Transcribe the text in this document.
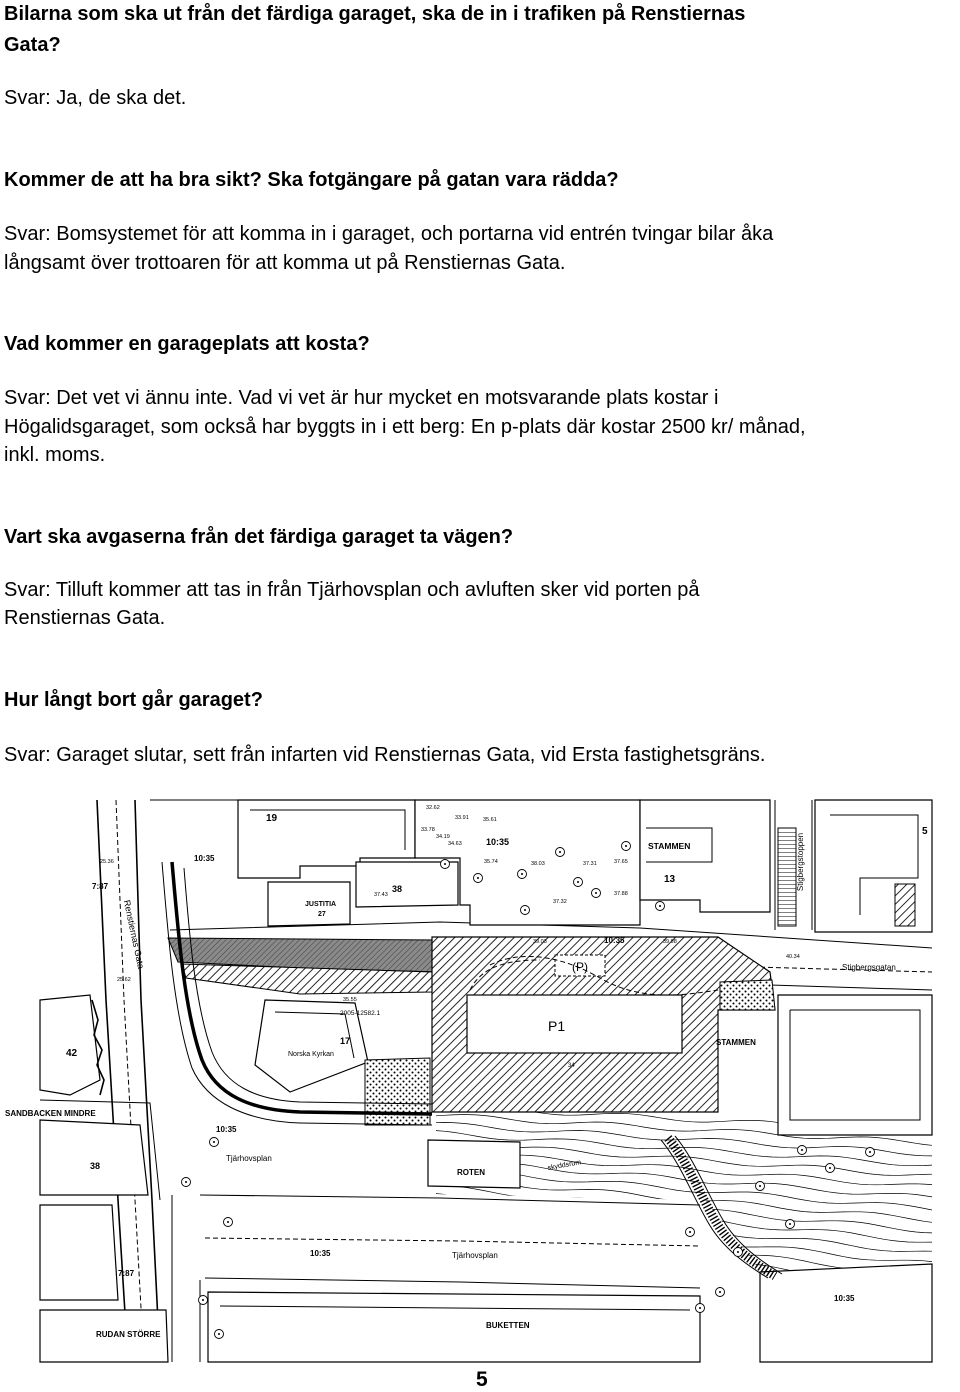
Bilarna som ska ut från det färdiga garaget, ska de in i trafiken på Renstiernas
Gata?
Svar: Ja, de ska det.
Kommer de att ha bra sikt? Ska fotgängare på gatan vara rädda?
Svar: Bomsystemet för att komma in i garaget, och portarna vid entrén tvingar bilar åka
långsamt över trottoaren för att komma ut på Renstiernas Gata.
Vad kommer en garageplats att kosta?
Svar: Det vet vi ännu inte. Vad vi vet är hur mycket en motsvarande plats kostar i
Högalidsgaraget, som också har byggts in i ett berg: En p-plats där kostar 2500 kr/ månad,
inkl. moms.
Vart ska avgaserna från det färdiga garaget ta vägen?
Svar: Tilluft kommer att tas in från Tjärhovsplan och avluften sker vid porten på
Renstiernas Gata.
Hur långt bort går garaget?
Svar: Garaget slutar, sett från infarten vid Renstiernas Gata, vid Ersta fastighetsgräns.
19
5
10:35	STAMMEN
13	Stigbergstoppen
38
JUSTITIA
27
7:87
10:35
Renstiernas Gata	(P)
10:35
Stigbergsgatan
STAMMEN
2005-12582.1
17
Norska Kyrkan
P1
34
42
SANDBACKEN MINDRE
10:35
Tjärhovsplan
38
ROTEN
skyddsrum
10:35	Tjärhovsplan
7:87
RUDAN STÖRRE
BUKETTEN
10:35
32.62
33.91	35.61
33.78
34.19
34.63
35.74	38.03	37.31	37.65
37.32
37.88
39.03	39.98
40.34
37.43
35.55
25.36
25.62
5
